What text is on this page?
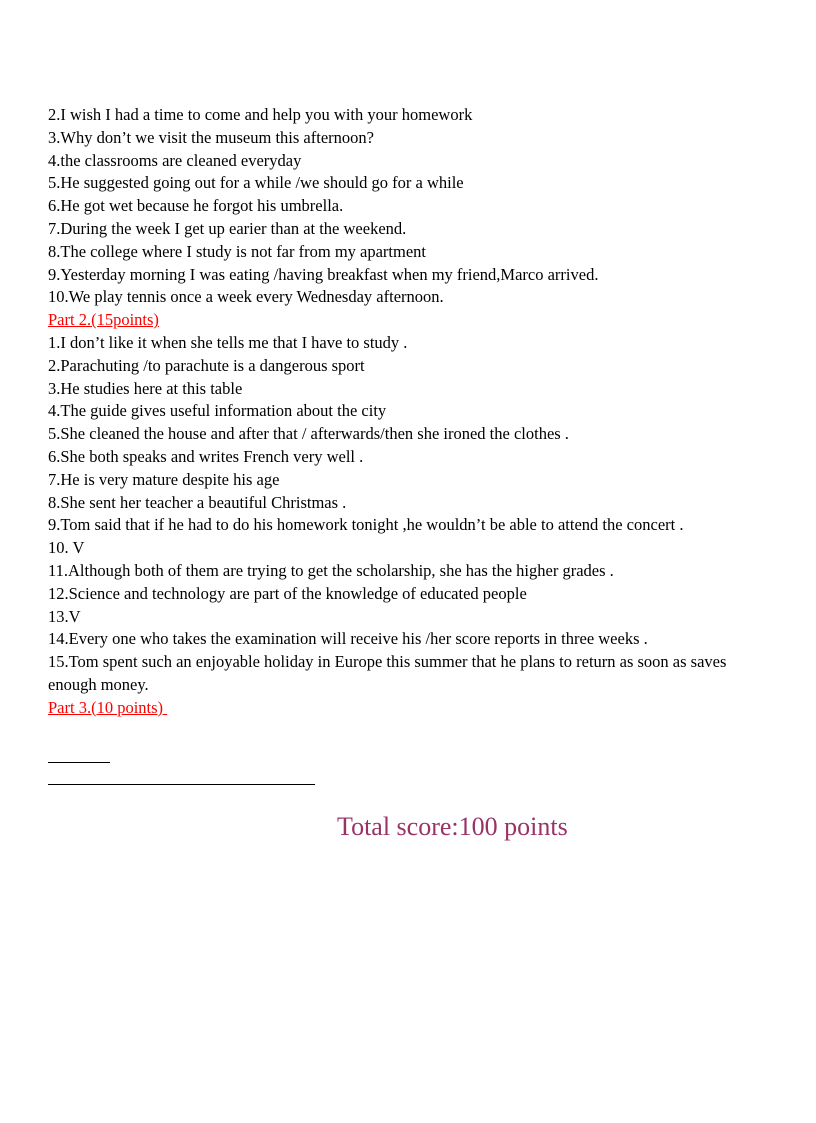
2.I wish I had a time to come and help you with your homework
3.Why don’t we visit the museum this afternoon?
4.the classrooms are cleaned everyday
5.He suggested going out for a while /we should go for a while
6.He got wet because he forgot his umbrella.
7.During the week I get up earier than at the weekend.
8.The college where I study is not far from my apartment
9.Yesterday morning I was eating /having breakfast when my friend,Marco arrived.
10.We play tennis once a week every Wednesday afternoon.
Part 2.(15points)
1.I don’t like it when she tells me that I have to study .
2.Parachuting /to parachute is a dangerous sport
3.He studies here at this table
4.The guide gives useful information about the city
5.She cleaned the house and after that / afterwards/then she ironed the clothes .
6.She both speaks and writes French very well .
7.He is very mature despite his age
8.She sent her teacher a beautiful Christmas .
9.Tom said that if he had to do his homework tonight ,he wouldn’t be able to attend the concert .
10. V
11.Although both of them are trying to get the scholarship, she has the higher grades .
12.Science and technology are part of the knowledge of educated people
13.V
14.Every one who takes the examination will receive his /her score reports in three weeks .
15.Tom spent such an enjoyable holiday in Europe this summer that he plans to return as soon as saves enough money.
Part 3.(10 points)
Total score:100 points
